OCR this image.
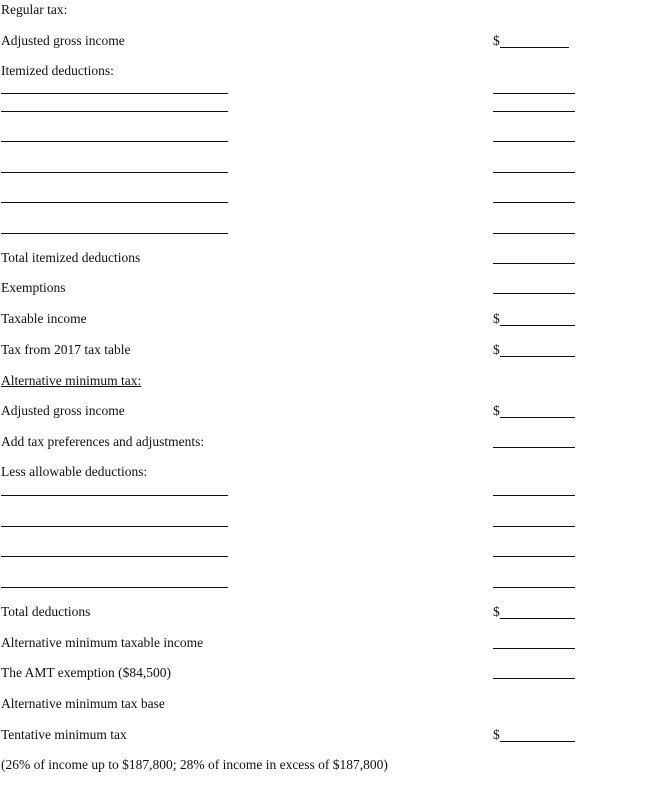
Regular tax:
Adjusted gross income	$
Itemized deductions:
Total itemized deductions
Exemptions
Taxable income	$
Tax from 2017 tax table	$
Alternative minimum tax:
Adjusted gross income	$
Add tax preferences and adjustments:
Less allowable deductions:
Total deductions	$
Alternative minimum taxable income
The AMT exemption ($84,500)
Alternative minimum tax base
Tentative minimum tax	$
(26% of income up to $187,800; 28% of income in excess of $187,800)
